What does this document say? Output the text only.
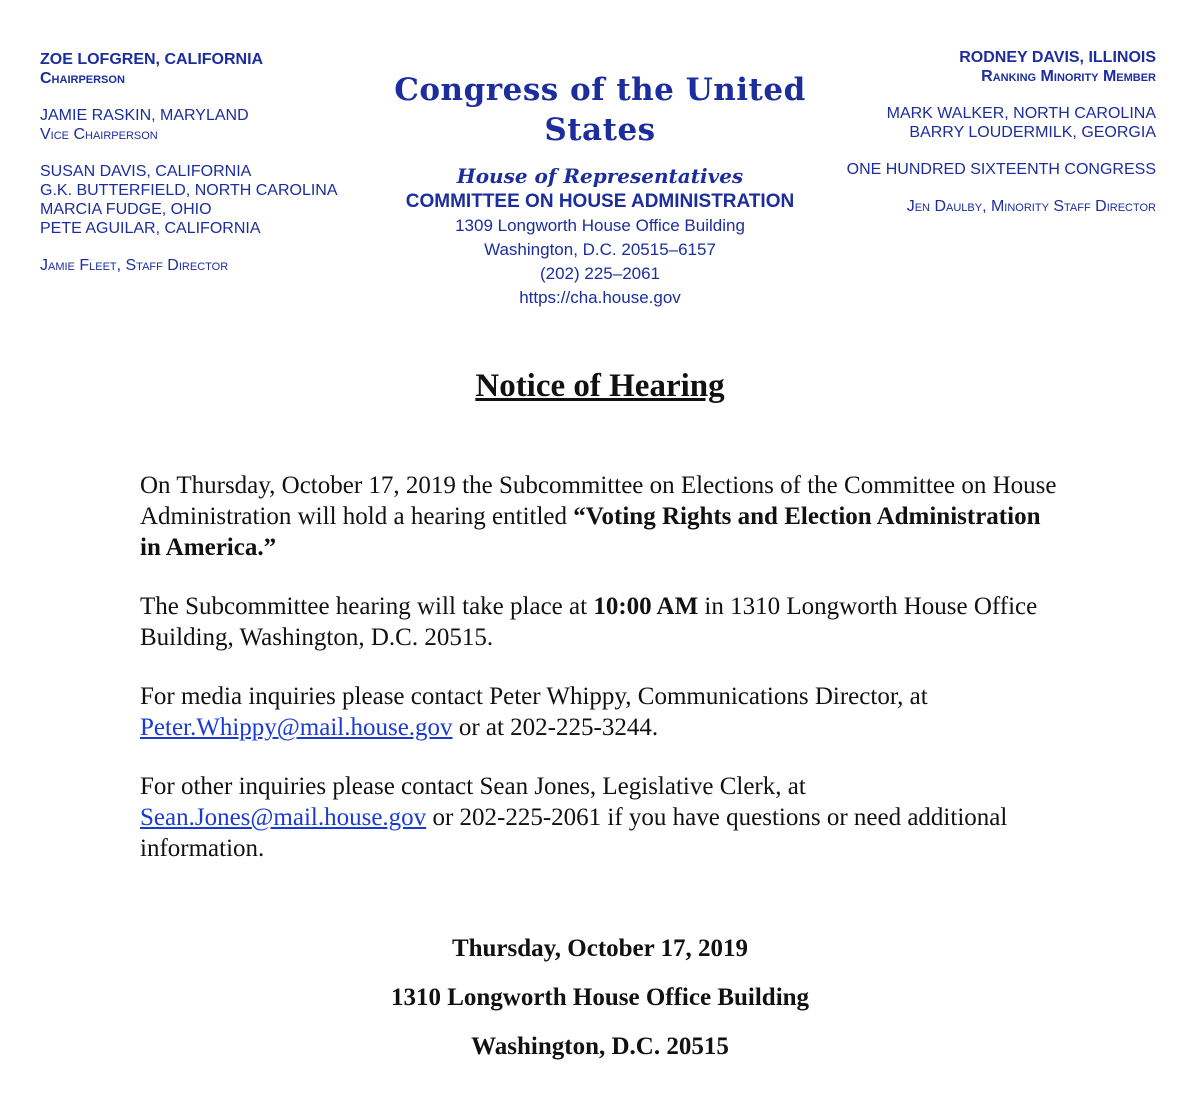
ZOE LOFGREN, CALIFORNIA
Chairperson
JAMIE RASKIN, MARYLAND
Vice Chairperson
SUSAN DAVIS, CALIFORNIA
G.K. BUTTERFIELD, NORTH CAROLINA
MARCIA FUDGE, OHIO
PETE AGUILAR, CALIFORNIA
Jamie Fleet, Staff Director
Congress of the United States
House of Representatives
COMMITTEE ON HOUSE ADMINISTRATION
1309 Longworth House Office Building
Washington, D.C. 20515–6157
(202) 225–2061
https://cha.house.gov
RODNEY DAVIS, ILLINOIS
Ranking Minority Member
MARK WALKER, NORTH CAROLINA
BARRY LOUDERMILK, GEORGIA
ONE HUNDRED SIXTEENTH CONGRESS
Jen Daulby, Minority Staff Director
Notice of Hearing

On Thursday, October 17, 2019 the Subcommittee on Elections of the Committee on House Administration will hold a hearing entitled “Voting Rights and Election Administration in America.”

The Subcommittee hearing will take place at 10:00 AM in 1310 Longworth House Office Building, Washington, D.C. 20515.

For media inquiries please contact Peter Whippy, Communications Director, at Peter.Whippy@mail.house.gov or at 202-225-3244.

For other inquiries please contact Sean Jones, Legislative Clerk, at Sean.Jones@mail.house.gov or 202-225-2061 if you have questions or need additional information.

Thursday, October 17, 2019
1310 Longworth House Office Building
Washington, D.C. 20515
